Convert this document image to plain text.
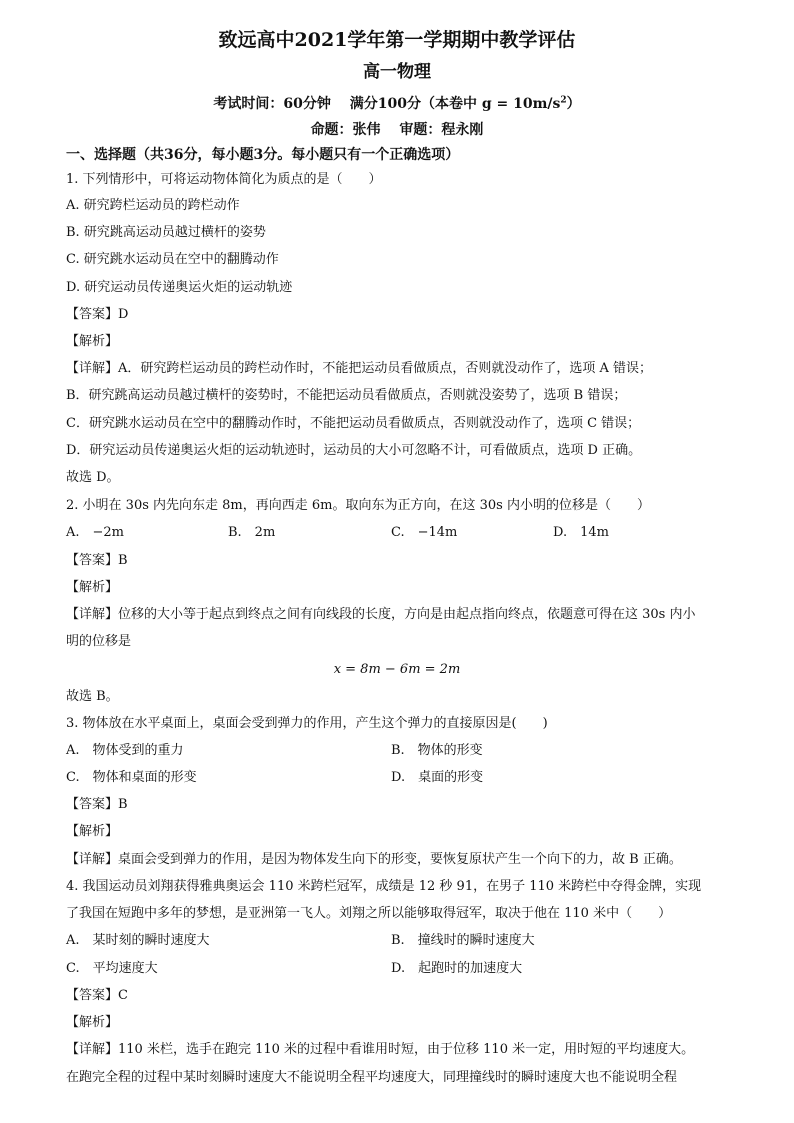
致远高中2021学年第一学期期中教学评估
高一物理
考试时间：60分钟　 满分100分（本卷中 $g = 10m/s^2$）
命题：张伟　 审题：程永刚
一、选择题（共36分，每小题3分。每小题只有一个正确选项）
1. 下列情形中，可将运动物体简化为质点的是（　　）
A. 研究跨栏运动员的跨栏动作
B. 研究跳高运动员越过横杆的姿势
C. 研究跳水运动员在空中的翻腾动作
D. 研究运动员传递奥运火炬的运动轨迹
【答案】D
【解析】
【详解】A．研究跨栏运动员的跨栏动作时，不能把运动员看做质点，否则就没动作了，选项 A 错误；
B．研究跳高运动员越过横杆的姿势时，不能把运动员看做质点，否则就没姿势了，选项 B 错误；
C．研究跳水运动员在空中的翻腾动作时，不能把运动员看做质点，否则就没动作了，选项 C 错误；
D．研究运动员传递奥运火炬的运动轨迹时，运动员的大小可忽略不计，可看做质点，选项 D 正确。
故选 D。
2. 小明在 30s 内先向东走 8m，再向西走 6m。取向东为正方向，在这 30s 内小明的位移是（　　）
A.　−2m	B.　2m	C.　−14m	D.　14m
【答案】B
【解析】
【详解】位移的大小等于起点到终点之间有向线段的长度，方向是由起点指向终点，依题意可得在这 30s 内小
明的位移是
x = 8m − 6m = 2m
故选 B。
3. 物体放在水平桌面上，桌面会受到弹力的作用，产生这个弹力的直接原因是(　　)
A.　物体受到的重力	B.　物体的形变
C.　物体和桌面的形变	D.　桌面的形变
【答案】B
【解析】
【详解】桌面会受到弹力的作用，是因为物体发生向下的形变，要恢复原状产生一个向下的力，故 B 正确。
4. 我国运动员刘翔获得雅典奥运会 110 米跨栏冠军，成绩是 12 秒 91，在男子 110 米跨栏中夺得金牌，实现
了我国在短跑中多年的梦想，是亚洲第一飞人。刘翔之所以能够取得冠军，取决于他在 110 米中（　　）
A.　某时刻的瞬时速度大	B.　撞线时的瞬时速度大
C.　平均速度大	D.　起跑时的加速度大
【答案】C
【解析】
【详解】110 米栏，选手在跑完 110 米的过程中看谁用时短，由于位移 110 米一定，用时短的平均速度大。
在跑完全程的过程中某时刻瞬时速度大不能说明全程平均速度大，同理撞线时的瞬时速度大也不能说明全程
